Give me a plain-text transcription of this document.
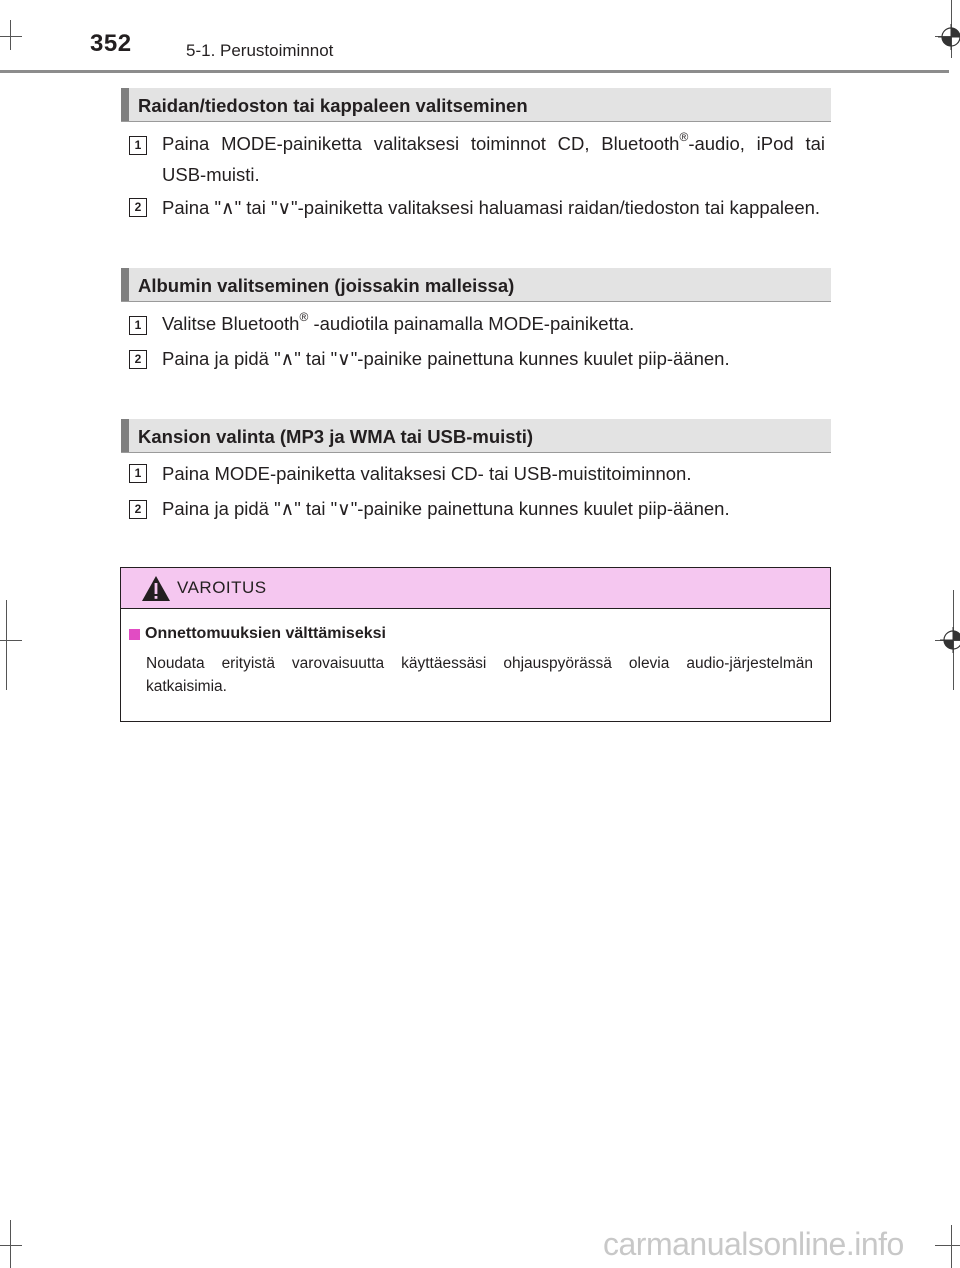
352	5-1. Perustoiminnot
Raidan/tiedoston tai kappaleen valitseminen
1	Paina MODE-painiketta valitaksesi toiminnot CD, Bluetooth®-audio, iPod tai USB-muisti.
2	Paina "∧" tai "∨"-painiketta valitaksesi haluamasi raidan/tiedoston tai kappaleen.
Albumin valitseminen (joissakin malleissa)
1	Valitse Bluetooth® -audiotila painamalla MODE-painiketta.
2	Paina ja pidä "∧" tai "∨"-painike painettuna kunnes kuulet piip-äänen.
Kansion valinta (MP3 ja WMA tai USB-muisti)
1	Paina MODE-painiketta valitaksesi CD- tai USB-muistitoiminnon.
2	Paina ja pidä "∧" tai "∨"-painike painettuna kunnes kuulet piip-äänen.
VAROITUS
Onnettomuuksien välttämiseksi
Noudata erityistä varovaisuutta käyttäessäsi ohjauspyörässä olevia audio-järjestelmän katkaisimia.
carmanualsonline.info
